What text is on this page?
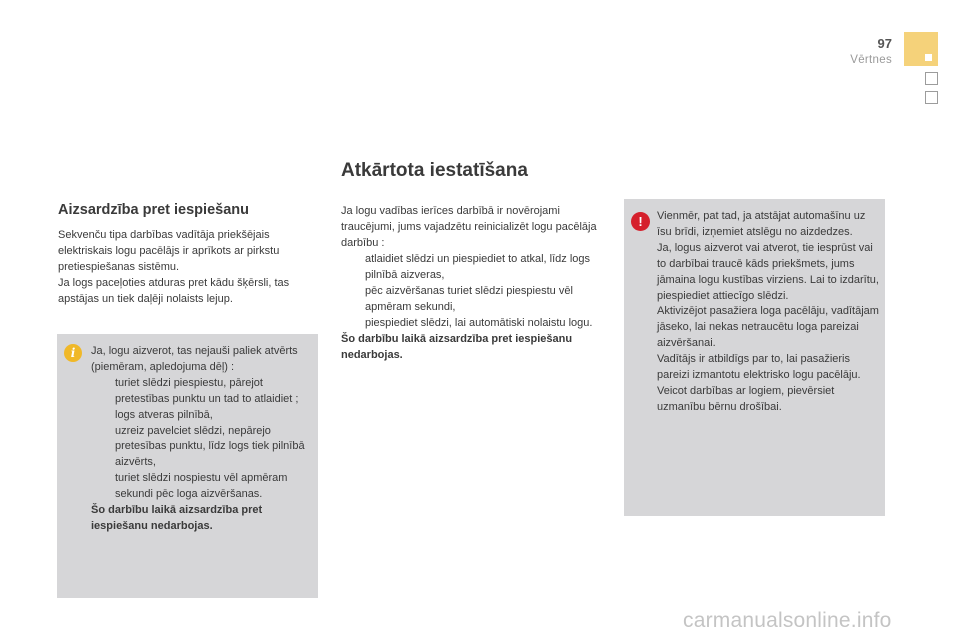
97
Vērtnes
Atkārtota iestatīšana
Aizsardzība pret iespiešanu

Sekvenču tipa darbības vadītāja priekšējais elektriskais logu pacēlājs ir aprīkots ar pirkstu pretiespiešanas sistēmu.

Ja logs paceļoties atduras pret kādu šķērsli, tas apstājas un tiek daļēji nolaists lejup.

i	Ja, logu aizverot, tas nejauši paliek atvērts (piemēram, apledojuma dēļ) :

turiet slēdzi piespiestu, pārejot pretestības punktu un tad to atlaidiet ; logs atveras pilnībā,
uzreiz pavelciet slēdzi, nepārejo pretesības punktu, līdz logs tiek pilnībā aizvērts,
turiet slēdzi nospiestu vēl apmēram sekundi pēc loga aizvēršanas.

Šo darbību laikā aizsardzība pret iespiešanu nedarbojas.

Ja logu vadības ierīces darbībā ir novērojami traucējumi, jums vajadzētu reinicializēt logu pacēlāja darbību :

atlaidiet slēdzi un piespiediet to atkal, līdz logs pilnībā aizveras,
pēc aizvēršanas turiet slēdzi piespiestu vēl apmēram sekundi,
piespiediet slēdzi, lai automātiski nolaistu logu.

Šo darbību laikā aizsardzība pret iespiešanu nedarbojas.

!	Vienmēr, pat tad, ja atstājat automašīnu uz īsu brīdi, izņemiet atslēgu no aizdedzes.

Ja, logus aizverot vai atverot, tie iesprūst vai to darbībai traucē kāds priekšmets, jums jāmaina logu kustības virziens. Lai to izdarītu, piespiediet attiecīgo slēdzi.

Aktivizējot pasažiera loga pacēlāju, vadītājam jāseko, lai nekas netraucētu loga pareizai aizvēršanai.

Vadītājs ir atbildīgs par to, lai pasažieris pareizi izmantotu elektrisko logu pacēlāju.

Veicot darbības ar logiem, pievērsiet uzmanību bērnu drošībai.

carmanualsonline.info
